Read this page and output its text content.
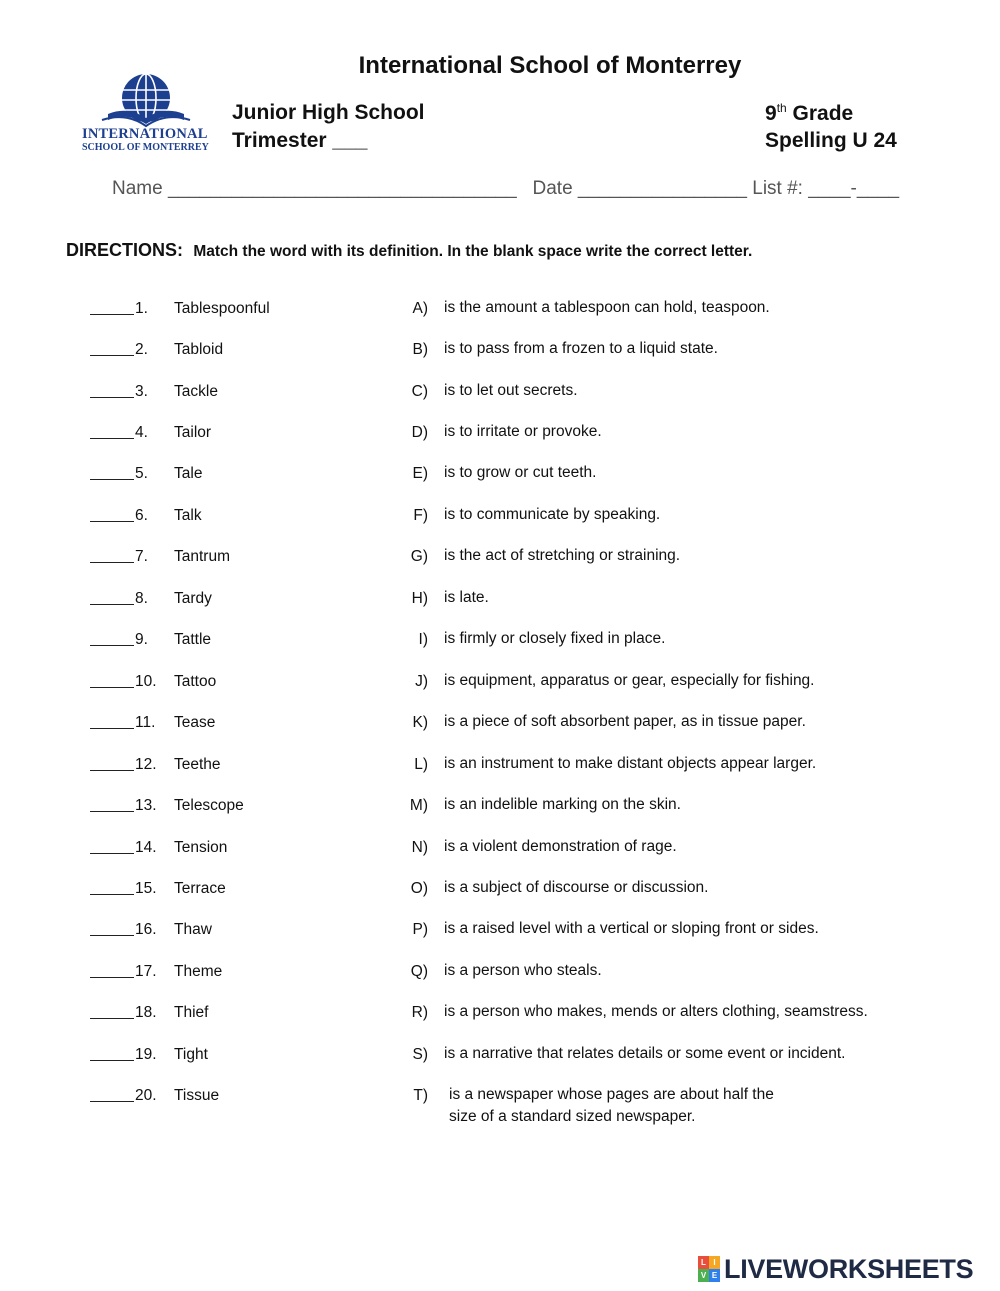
International School of Monterrey
INTERNATIONAL
SCHOOL OF MONTERREY
Junior High School
Trimester ___
9th Grade
Spelling U 24
Name _________________________________   Date ________________ List #: ____-____
DIRECTIONS: Match the word with its definition. In the blank space write the correct letter.
1. Tablespoonful	A) is the amount a tablespoon can hold, teaspoon.
2. Tabloid	B) is to pass from a frozen to a liquid state.
3. Tackle	C) is to let out secrets.
4. Tailor	D) is to irritate or provoke.
5. Tale	E) is to grow or cut teeth.
6. Talk	F) is to communicate by speaking.
7. Tantrum	G) is the act of stretching or straining.
8. Tardy	H) is late.
9. Tattle	I) is firmly or closely fixed in place.
10. Tattoo	J) is equipment, apparatus or gear, especially for fishing.
11. Tease	K) is a piece of soft absorbent paper, as in tissue paper.
12. Teethe	L) is an instrument to make distant objects appear larger.
13. Telescope	M) is an indelible marking on the skin.
14. Tension	N) is a violent demonstration of rage.
15. Terrace	O) is a subject of discourse or discussion.
16. Thaw	P) is a raised level with a vertical or sloping front or sides.
17. Theme	Q) is a person who steals.
18. Thief	R) is a person who makes, mends or alters clothing, seamstress.
19. Tight	S) is a narrative that relates details or some event or incident.
20. Tissue	T) is a newspaper whose pages are about half the size of a standard sized newspaper.
L I
V E LIVEWORKSHEETS
